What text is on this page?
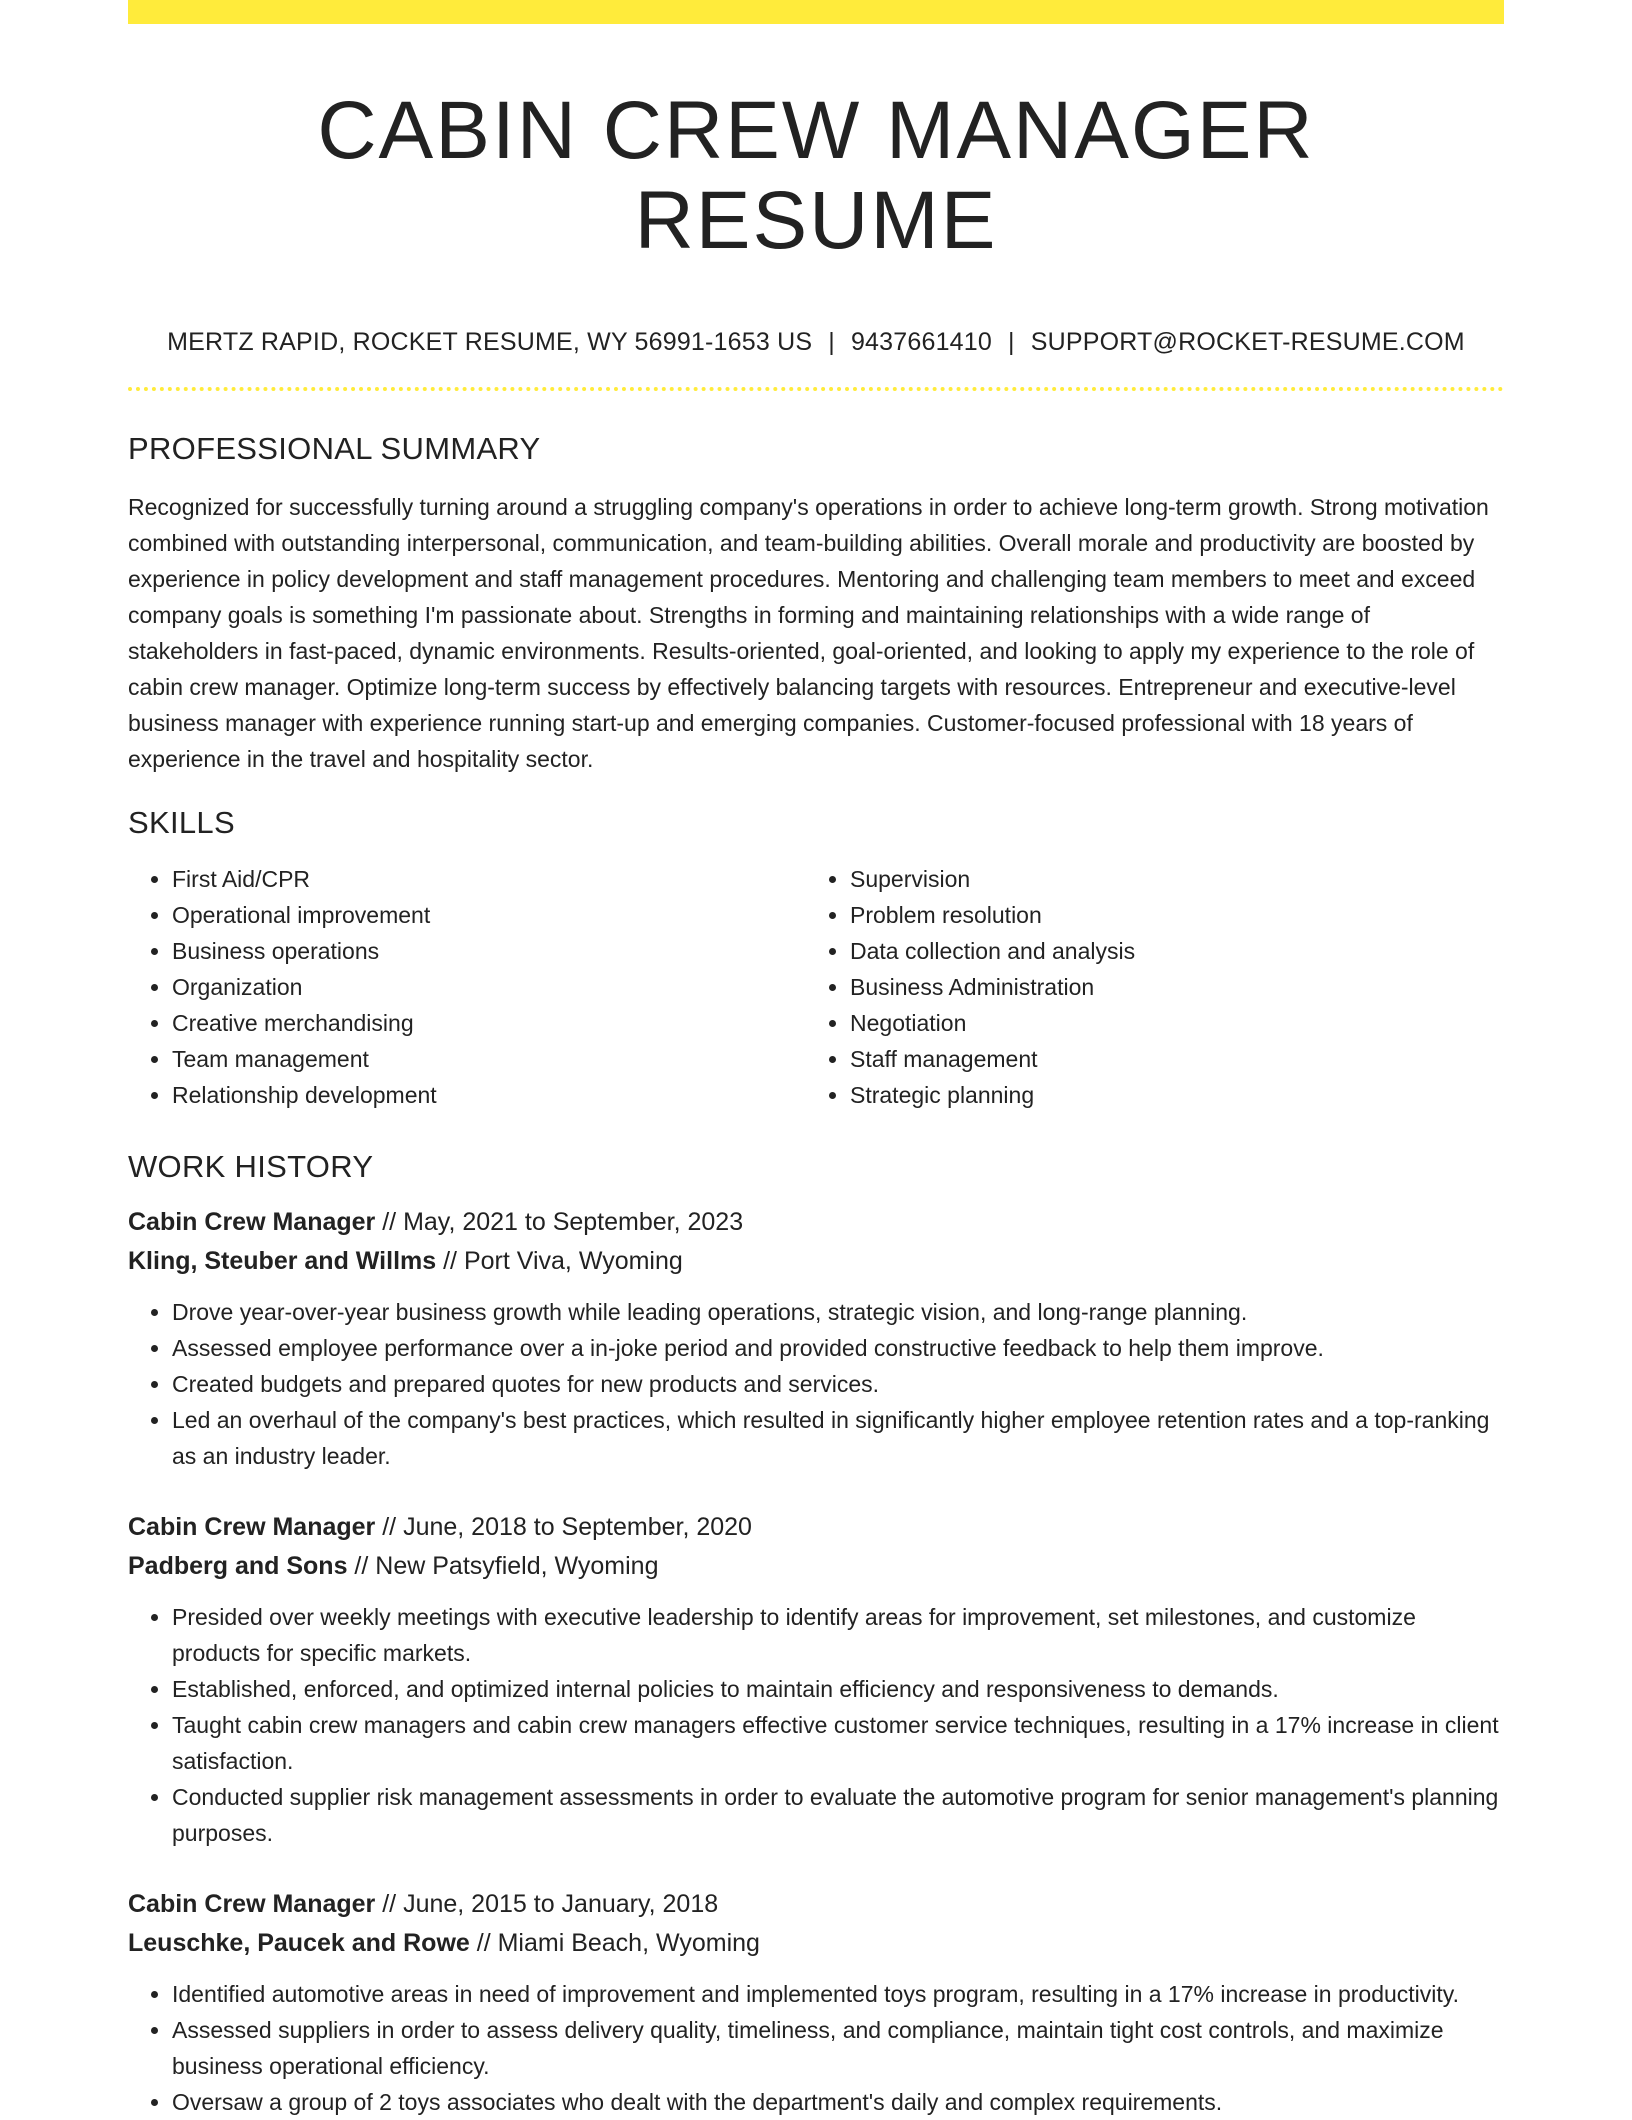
CABIN CREW MANAGER RESUME
MERTZ RAPID, ROCKET RESUME, WY 56991-1653 US | 9437661410 | SUPPORT@ROCKET-RESUME.COM
PROFESSIONAL SUMMARY

Recognized for successfully turning around a struggling company's operations in order to achieve long-term growth. Strong motivation combined with outstanding interpersonal, communication, and team-building abilities. Overall morale and productivity are boosted by experience in policy development and staff management procedures. Mentoring and challenging team members to meet and exceed company goals is something I'm passionate about. Strengths in forming and maintaining relationships with a wide range of stakeholders in fast-paced, dynamic environments. Results-oriented, goal-oriented, and looking to apply my experience to the role of cabin crew manager. Optimize long-term success by effectively balancing targets with resources. Entrepreneur and executive-level business manager with experience running start-up and emerging companies. Customer-focused professional with 18 years of experience in the travel and hospitality sector.

SKILLS
• First Aid/CPR
• Operational improvement
• Business operations
• Organization
• Creative merchandising
• Team management
• Relationship development
• Supervision
• Problem resolution
• Data collection and analysis
• Business Administration
• Negotiation
• Staff management
• Strategic planning
WORK HISTORY
Cabin Crew Manager // May, 2021 to September, 2023
Kling, Steuber and Willms // Port Viva, Wyoming
• Drove year-over-year business growth while leading operations, strategic vision, and long-range planning.
• Assessed employee performance over a in-joke period and provided constructive feedback to help them improve.
• Created budgets and prepared quotes for new products and services.
• Led an overhaul of the company's best practices, which resulted in significantly higher employee retention rates and a top-ranking as an industry leader.
Cabin Crew Manager // June, 2018 to September, 2020
Padberg and Sons // New Patsyfield, Wyoming
• Presided over weekly meetings with executive leadership to identify areas for improvement, set milestones, and customize products for specific markets.
• Established, enforced, and optimized internal policies to maintain efficiency and responsiveness to demands.
• Taught cabin crew managers and cabin crew managers effective customer service techniques, resulting in a 17% increase in client satisfaction.
• Conducted supplier risk management assessments in order to evaluate the automotive program for senior management's planning purposes.
Cabin Crew Manager // June, 2015 to January, 2018
Leuschke, Paucek and Rowe // Miami Beach, Wyoming
• Identified automotive areas in need of improvement and implemented toys program, resulting in a 17% increase in productivity.
• Assessed suppliers in order to assess delivery quality, timeliness, and compliance, maintain tight cost controls, and maximize business operational efficiency.
• Oversaw a group of 2 toys associates who dealt with the department's daily and complex requirements.
